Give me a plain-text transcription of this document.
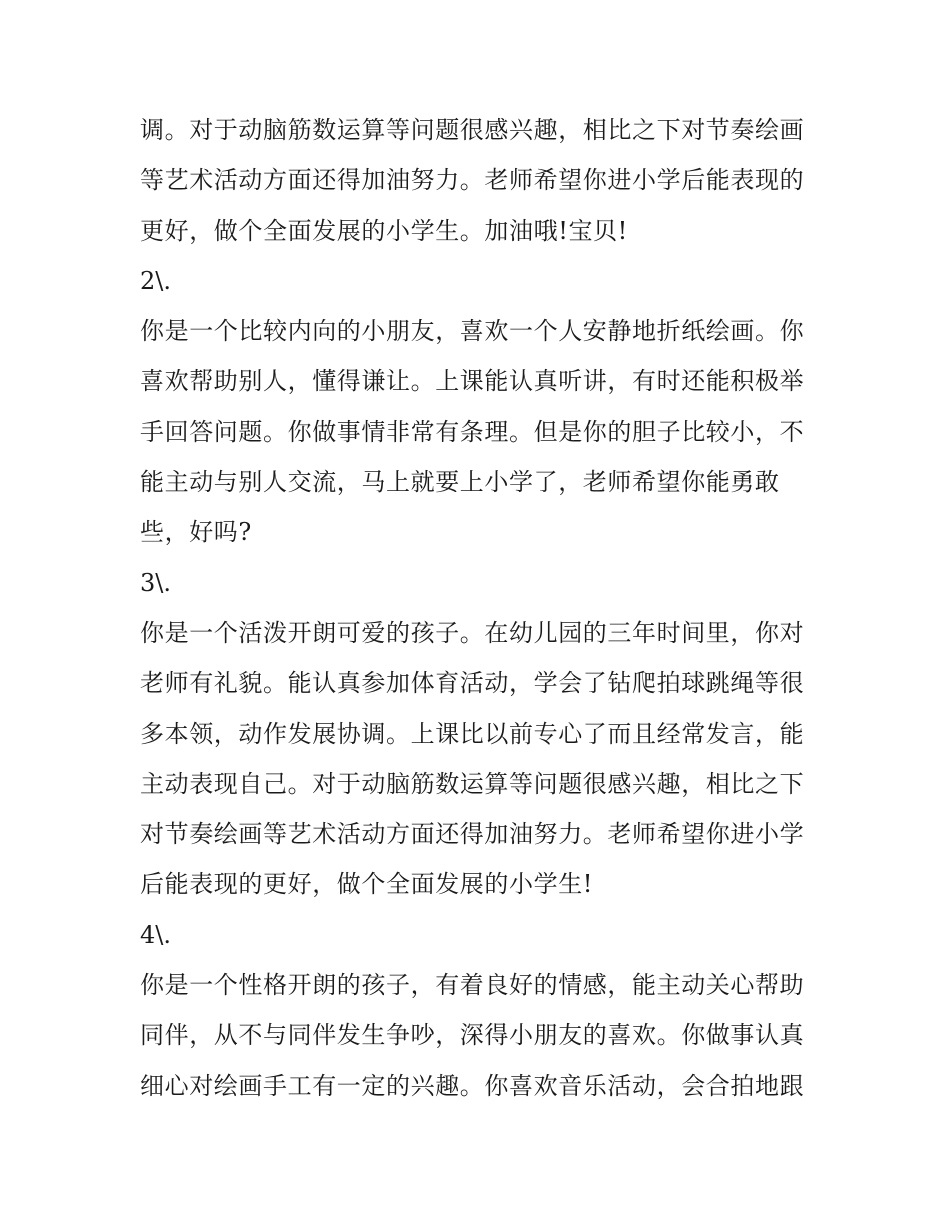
调。对于动脑筋数运算等问题很感兴趣，相比之下对节奏绘画
等艺术活动方面还得加油努力。老师希望你进小学后能表现的
更好，做个全面发展的小学生。加油哦!宝贝!
2\.
你是一个比较内向的小朋友，喜欢一个人安静地折纸绘画。你
喜欢帮助别人，懂得谦让。上课能认真听讲，有时还能积极举
手回答问题。你做事情非常有条理。但是你的胆子比较小，不
能主动与别人交流，马上就要上小学了，老师希望你能勇敢
些，好吗?
3\.
你是一个活泼开朗可爱的孩子。在幼儿园的三年时间里，你对
老师有礼貌。能认真参加体育活动，学会了钻爬拍球跳绳等很
多本领，动作发展协调。上课比以前专心了而且经常发言，能
主动表现自己。对于动脑筋数运算等问题很感兴趣，相比之下
对节奏绘画等艺术活动方面还得加油努力。老师希望你进小学
后能表现的更好，做个全面发展的小学生!
4\.
你是一个性格开朗的孩子，有着良好的情感，能主动关心帮助
同伴，从不与同伴发生争吵，深得小朋友的喜欢。你做事认真
细心对绘画手工有一定的兴趣。你喜欢音乐活动，会合拍地跟
